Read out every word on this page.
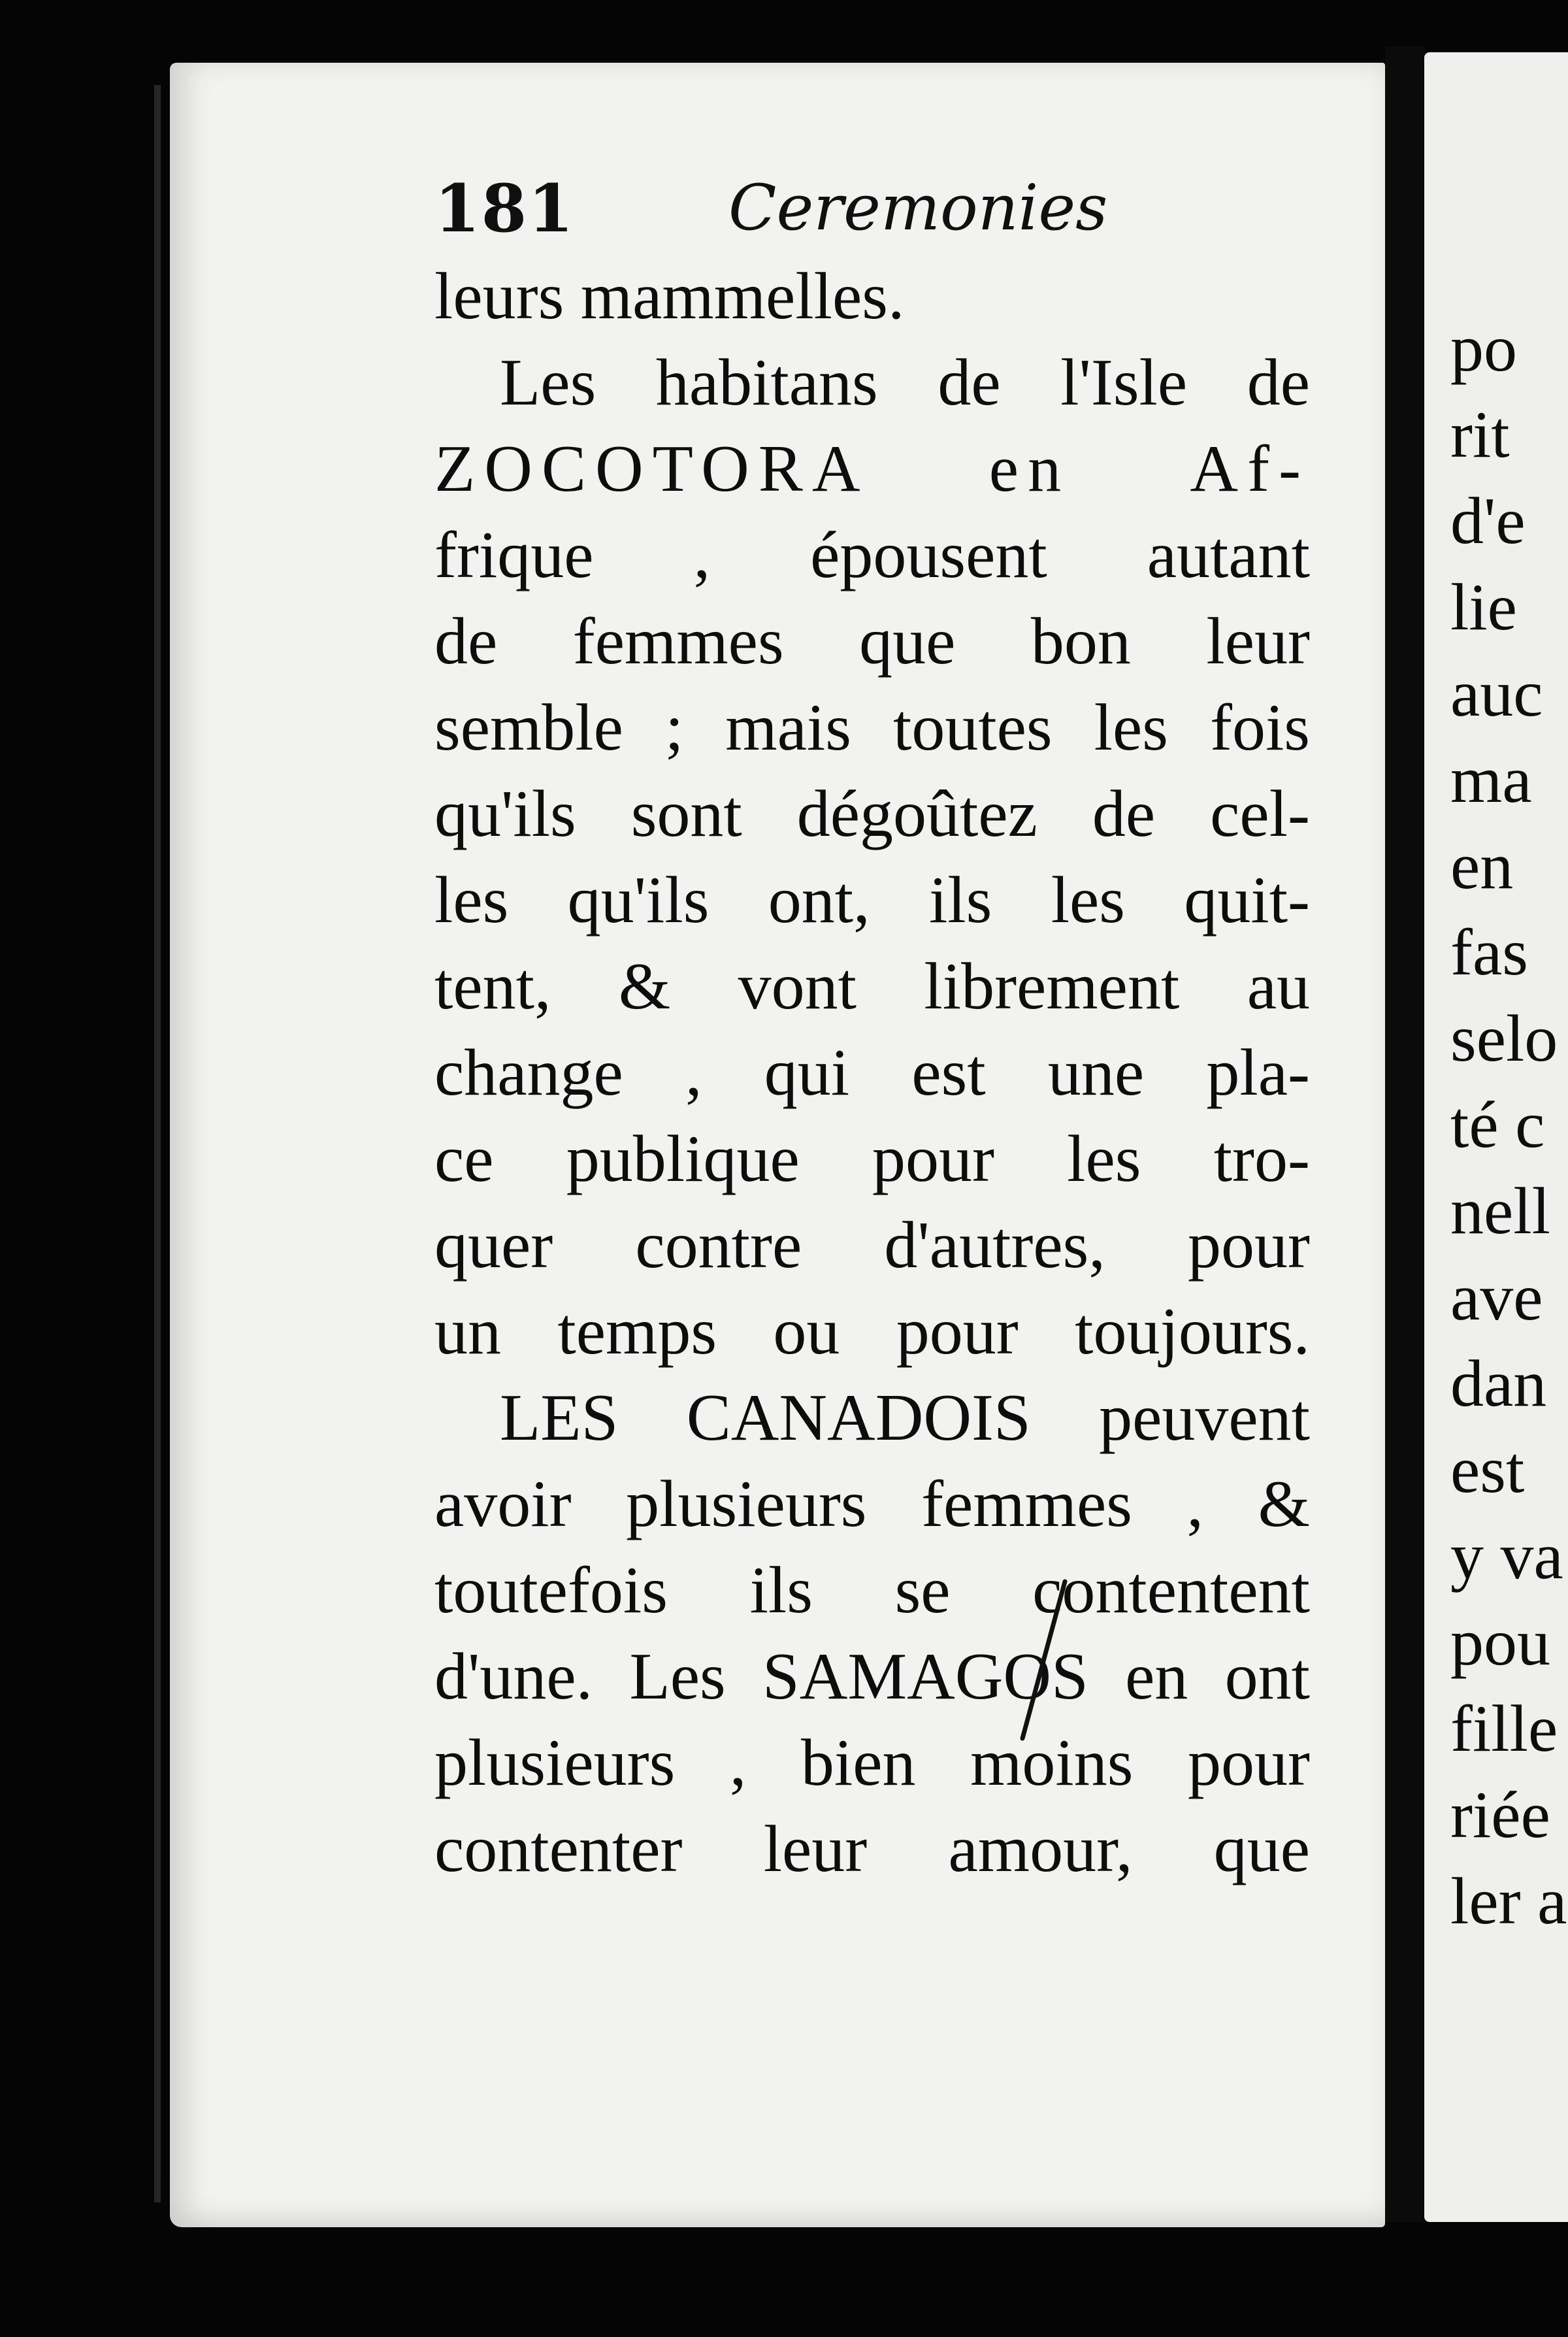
181 Ceremonies
leurs mammelles.
Les habitans de l'Isle de
ZOCOTORA en Af-
frique , épousent autant
de femmes que bon leur
semble ; mais toutes les fois
qu'ils sont dégoûtez de cel-
les qu'ils ont, ils les quit-
tent, & vont librement au
change , qui est une pla-
ce publique pour les tro-
quer contre d'autres, pour
un temps ou pour toujours.
LES CANADOIS peuvent
avoir plusieurs femmes , &
toutefois ils se contentent
d'une. Les SAMAGOS en ont
plusieurs , bien moins pour
contenter leur amour, que
po
rit
d'e
lie
auc
ma
en
fas
selo
té c
nell
ave
dan
est
y va
pou
fille
riée
ler a
